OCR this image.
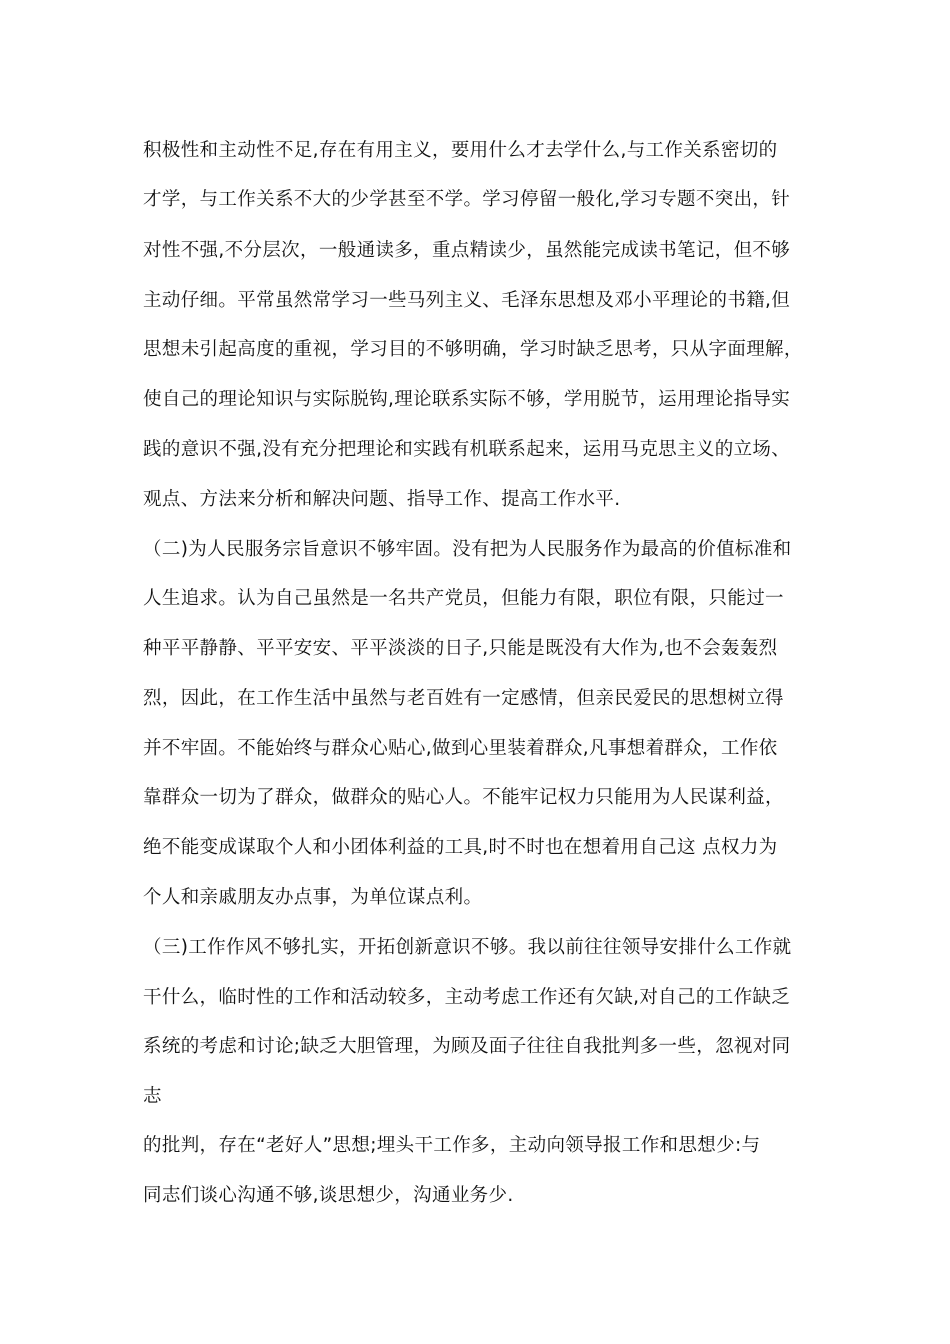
积极性和主动性不足,存在有用主义，要用什么才去学什么,与工作关系密切的
才学，与工作关系不大的少学甚至不学。学习停留一般化,学习专题不突出，针
对性不强,不分层次，一般通读多，重点精读少，虽然能完成读书笔记，但不够
主动仔细。平常虽然常学习一些马列主义、毛泽东思想及邓小平理论的书籍,但
思想未引起高度的重视，学习目的不够明确，学习时缺乏思考，只从字面理解，
使自己的理论知识与实际脱钩,理论联系实际不够，学用脱节，运用理论指导实
践的意识不强,没有充分把理论和实践有机联系起来，运用马克思主义的立场、
观点、方法来分析和解决问题、指导工作、提高工作水平.
（二)为人民服务宗旨意识不够牢固。没有把为人民服务作为最高的价值标准和
人生追求。认为自己虽然是一名共产党员，但能力有限，职位有限，只能过一
种平平静静、平平安安、平平淡淡的日子,只能是既没有大作为,也不会轰轰烈
烈，因此，在工作生活中虽然与老百姓有一定感情，但亲民爱民的思想树立得
并不牢固。不能始终与群众心贴心,做到心里装着群众,凡事想着群众，工作依
靠群众一切为了群众，做群众的贴心人。不能牢记权力只能用为人民谋利益，
绝不能变成谋取个人和小团体利益的工具,时不时也在想着用自己这 点权力为
个人和亲戚朋友办点事，为单位谋点利。
（三)工作作风不够扎实，开拓创新意识不够。我以前往往领导安排什么工作就
干什么，临时性的工作和活动较多，主动考虑工作还有欠缺,对自己的工作缺乏
系统的考虑和讨论;缺乏大胆管理，为顾及面子往往自我批判多一些，忽视对同
志
的批判，存在“老好人”思想;埋头干工作多，主动向领导报工作和思想少:与
同志们谈心沟通不够,谈思想少，沟通业务少.
